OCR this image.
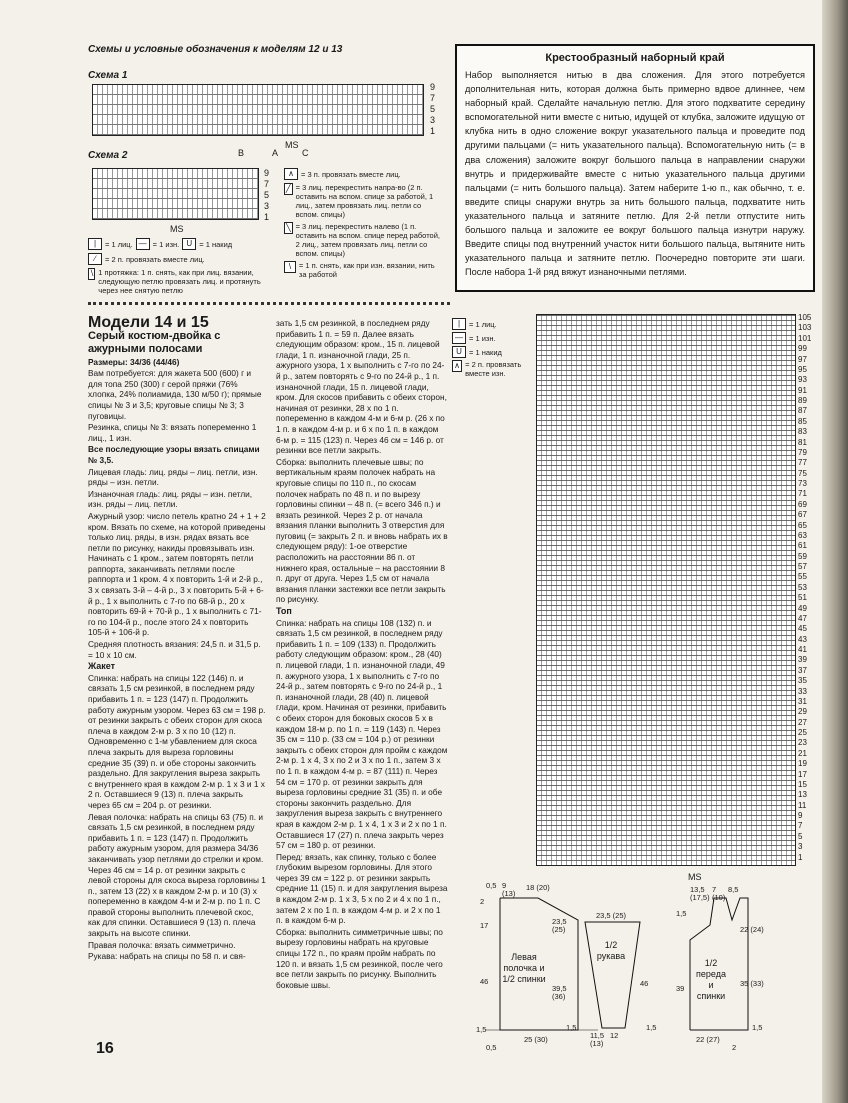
Схемы и условные обозначения к моделям 12 и 13
Схема 1
9
7
5
3
1
B	A	C
MS
Схема 2
9
7
5
3
1
MS
|	= 1 лиц. — = 1 изн. U = 1 накид
∕	= 2 п. провязать вместе лиц.
∖ 1 протяжка: 1 п. снять, как при лиц. вязании, следующую петлю провязать лиц. и протянуть через нее снятую петлю
∧ = 3 п. провязать вместе лиц.
╱ = 3 лиц. перекрестить напра-во (2 п. оставить на вспом. спице за работой, 1 лиц., затем провязать лиц. петли со вспом. спицы)
╲ = 3 лиц. перекрестить налево (1 п. оставить на вспом. спице перед работой, 2 лиц., затем провязать лиц. петли со вспом. спицы)
\	= 1 п. снять, как при изн. вязании, нить за работой
Крестообразный наборный край

Набор выполняется нитью в два сложения. Для этого потребуется дополнительная нить, которая должна быть примерно вдвое длиннее, чем наборный край. Сделайте начальную петлю. Для этого подхватите середину вспомогательной нити вместе с нитью, идущей от клубка, заложите идущую от клубка нить в одно сложение вокруг указательного пальца и проведите под другими пальцами (= нить указательного пальца). Вспомогательную нить (= в два сложения) заложите вокруг большого пальца в направлении снаружи внутрь и придерживайте вместе с нитью указательного пальца другими пальцами (= нить большого пальца). Затем наберите 1-ю п., как обычно, т. е. введите спицы снаружи внутрь за нить большого пальца, подхватите нить указательного пальца и затяните петлю. Для 2-й петли отпустите нить большого пальца и заложите ее вокруг большого пальца изнутри наружу. Введите спицы под внутренний участок нити большого пальца, вытяните нить указательного пальца и затяните петлю. Поочередно повторите эти шаги. После набора 1-й ряд вяжут изнаночными петлями.

Модели 14 и 15

Серый костюм-двойка с ажурными полосами

Размеры: 34/36 (44/46)

Вам потребуется: для жакета 500 (600) г и для топа 250 (300) г серой пряжи (76% хлопка, 24% полиамида, 130 м/50 г); прямые спицы № 3 и 3,5; круговые спицы № 3; 3 пуговицы.

Резинка, спицы № 3: вязать попеременно 1 лиц., 1 изн.

Все последующие узоры вязать спицами № 3,5.

Лицевая гладь: лиц. ряды – лиц. петли, изн. ряды – изн. петли.

Изнаночная гладь: лиц. ряды – изн. петли, изн. ряды – лиц. петли.

Ажурный узор: число петель кратно 24 + 1 + 2 кром. Вязать по схеме, на которой приведены только лиц. ряды, в изн. рядах вязать все петли по рисунку, накиды провязывать изн. Начинать с 1 кром., затем повторять петли раппорта, заканчивать петлями после раппорта и 1 кром. 4 х повторить 1-й и 2-й р., 3 х связать 3-й – 4-й р., 3 х повторить 5-й + 6-й р., 1 х выполнить с 7-го по 68-й р., 20 х повторить 69-й + 70-й р., 1 х выполнить с 71-го по 104-й р., после этого 24 х повторить 105-й + 106-й р.

Средняя плотность вязания: 24,5 п. и 31,5 р. = 10 х 10 см.

Жакет

Спинка: набрать на спицы 122 (146) п. и связать 1,5 см резинкой, в последнем ряду прибавить 1 п. = 123 (147) п. Продолжить работу ажурным узором. Через 63 см = 198 р. от резинки закрыть с обеих сторон для скоса плеча в каждом 2-м р. 3 х по 10 (12) п. Одновременно с 1-м убавлением для скоса плеча закрыть для выреза горловины средние 35 (39) п. и обе стороны закончить раздельно. Для закругления выреза закрыть с внутреннего края в каждом 2-м р. 1 х 3 и 1 х 2 п. Оставшиеся 9 (13) п. плеча закрыть через 65 см = 204 р. от резинки.

Левая полочка: набрать на спицы 63 (75) п. и связать 1,5 см резинкой, в последнем ряду прибавить 1 п. = 123 (147) п. Продолжить работу ажурным узором, для размера 34/36 заканчивать узор петлями до стрелки и кром. Через 46 см = 14 р. от резинки закрыть с левой стороны для скоса выреза горловины 1 п., затем 13 (22) х в каждом 2-м р. и 10 (3) х попеременно в каждом 4-м и 2-м р. по 1 п. С правой стороны выполнить плечевой скос, как для спинки. Оставшиеся 9 (13) п. плеча закрыть на высоте спинки.

Правая полочка: вязать симметрично.

Рукава: набрать на спицы по 58 п. и свя-

зать 1,5 см резинкой, в последнем ряду прибавить 1 п. = 59 п. Далее вязать следующим образом: кром., 15 п. лицевой глади, 1 п. изнаночной глади, 25 п. ажурного узора, 1 х выполнить с 7-го по 24-й р., затем повторять с 9-го по 24-й р., 1 п. изнаночной глади, 15 п. лицевой глади, кром. Для скосов прибавить с обеих сторон, начиная от резинки, 28 х по 1 п. попеременно в каждом 4-м и 6-м р. (26 х по 1 п. в каждом 4-м р. и 6 х по 1 п. в каждом 6-м р. = 115 (123) п. Через 46 см = 146 р. от резинки все петли закрыть.

Сборка: выполнить плечевые швы; по вертикальным краям полочек набрать на круговые спицы по 110 п., по скосам полочек набрать по 48 п. и по вырезу горловины спинки – 48 п. (= всего 346 п.) и вязать резинкой. Через 2 р. от начала вязания планки выполнить 3 отверстия для пуговиц (= закрыть 2 п. и вновь набрать их в следующем ряду): 1-ое отверстие расположить на расстоянии 86 п. от нижнего края, остальные – на расстоянии 8 п. друг от друга. Через 1,5 см от начала вязания планки застежки все петли закрыть по рисунку.

Топ

Спинка: набрать на спицы 108 (132) п. и связать 1,5 см резинкой, в последнем ряду прибавить 1 п. = 109 (133) п. Продолжить работу следующим образом: кром., 28 (40) п. лицевой глади, 1 п. изнаночной глади, 49 п. ажурного узора, 1 х выполнить с 7-го по 24-й р., затем повторять с 9-го по 24-й р., 1 п. изнаночной глади, 28 (40) п. лицевой глади, кром. Начиная от резинки, прибавить с обеих сторон для боковых скосов 5 х в каждом 18-м р. по 1 п. = 119 (143) п. Через 35 см = 110 р. (33 см = 104 р.) от резинки закрыть с обеих сторон для пройм с каждом 2-м р. 1 х 4, 3 х по 2 и 3 х по 1 п., затем 3 х по 1 п. в каждом 4-м р. = 87 (111) п. Через 54 см = 170 р. от резинки закрыть для выреза горловины средние 31 (35) п. и обе стороны закончить раздельно. Для закругления выреза закрыть с внутреннего края в каждом 2-м р. 1 х 4, 1 х 3 и 2 х по 1 п. Оставшиеся 17 (27) п. плеча закрыть через 57 см = 180 р. от резинки.

Перед: вязать, как спинку, только с более глубоким вырезом горловины. Для этого через 39 см = 122 р. от резинки закрыть средние 11 (15) п. и для закругления выреза в каждом 2-м р. 1 х 3, 5 х по 2 и 4 х по 1 п., затем 2 х по 1 п. в каждом 4-м р. и 2 х по 1 п. в каждом 6-м р.

Сборка: выполнить симметричные швы; по вырезу горловины набрать на круговые спицы 172 п., по краям пройм набрать по 120 п. и вязать 1,5 см резинкой, после чего все петли закрыть по рисунку. Выполнить боковые швы.

|	= 1 лиц.
— = 1 изн.
U = 1 накид
∧ = 2 п. провязать вместе изн.
105
103
101
99
97
95
93
91
89
87
85
83
81
79
77
75
73
71
69
67
65
63
61
59
57
55
53
51
49
47
45
43
41
39
37
35
33
31
29
27
25
23
21
19
17
15
13
11
9
7
5
3
1
MS
Левая полочка и 1/2 спинки
0,5 9 (13)
18 (20)
2
17
46
1,5
0,5
25 (30)
23,5 (25)
39,5 (36)
1,5
1/2 рукава
23,5 (25)
46
11,5 (13)
12
1,5
1/2 переда и спинки
13,5 (17,5)
7 (10)
8,5
1,5
39
22 (24)
35 (33)
22 (27)
2
1,5
16
